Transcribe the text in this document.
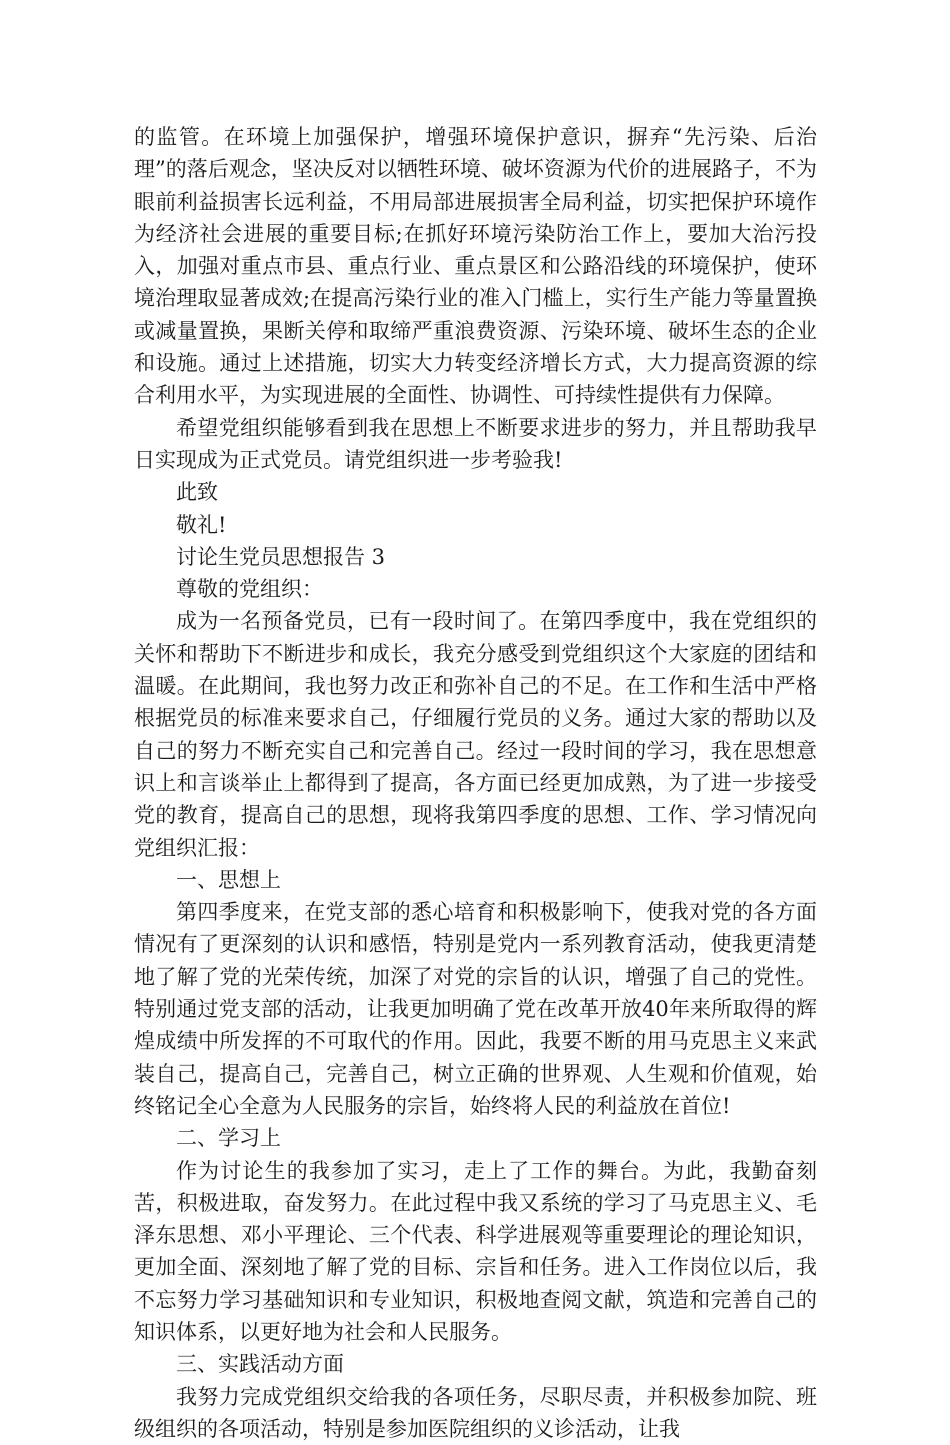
的监管。在环境上加强保护，增强环境保护意识，摒弃“先污染、后治理”的落后观念，坚决反对以牺牲环境、破坏资源为代价的进展路子，不为眼前利益损害长远利益，不用局部进展损害全局利益，切实把保护环境作为经济社会进展的重要目标;在抓好环境污染防治工作上，要加大治污投入，加强对重点市县、重点行业、重点景区和公路沿线的环境保护，使环境治理取显著成效;在提高污染行业的准入门槛上，实行生产能力等量置换或减量置换，果断关停和取缔严重浪费资源、污染环境、破坏生态的企业和设施。通过上述措施，切实大力转变经济增长方式，大力提高资源的综合利用水平，为实现进展的全面性、协调性、可持续性提供有力保障。

希望党组织能够看到我在思想上不断要求进步的努力，并且帮助我早日实现成为正式党员。请党组织进一步考验我!

此致

敬礼!

讨论生党员思想报告 3

尊敬的党组织：

成为一名预备党员，已有一段时间了。在第四季度中，我在党组织的关怀和帮助下不断进步和成长，我充分感受到党组织这个大家庭的团结和温暖。在此期间，我也努力改正和弥补自己的不足。在工作和生活中严格根据党员的标准来要求自己，仔细履行党员的义务。通过大家的帮助以及自己的努力不断充实自己和完善自己。经过一段时间的学习，我在思想意识上和言谈举止上都得到了提高，各方面已经更加成熟，为了进一步接受党的教育，提高自己的思想，现将我第四季度的思想、工作、学习情况向党组织汇报：

一、思想上

第四季度来，在党支部的悉心培育和积极影响下，使我对党的各方面情况有了更深刻的认识和感悟，特别是党内一系列教育活动，使我更清楚地了解了党的光荣传统，加深了对党的宗旨的认识，增强了自己的党性。特别通过党支部的活动，让我更加明确了党在改革开放40年来所取得的辉煌成绩中所发挥的不可取代的作用。因此，我要不断的用马克思主义来武装自己，提高自己，完善自己，树立正确的世界观、人生观和价值观，始终铭记全心全意为人民服务的宗旨，始终将人民的利益放在首位!

二、学习上

作为讨论生的我参加了实习，走上了工作的舞台。为此，我勤奋刻苦，积极进取，奋发努力。在此过程中我又系统的学习了马克思主义、毛泽东思想、邓小平理论、三个代表、科学进展观等重要理论的理论知识，更加全面、深刻地了解了党的目标、宗旨和任务。进入工作岗位以后，我不忘努力学习基础知识和专业知识，积极地查阅文献，筑造和完善自己的知识体系，以更好地为社会和人民服务。

三、实践活动方面

我努力完成党组织交给我的各项任务，尽职尽责，并积极参加院、班级组织的各项活动，特别是参加医院组织的义诊活动，让我
